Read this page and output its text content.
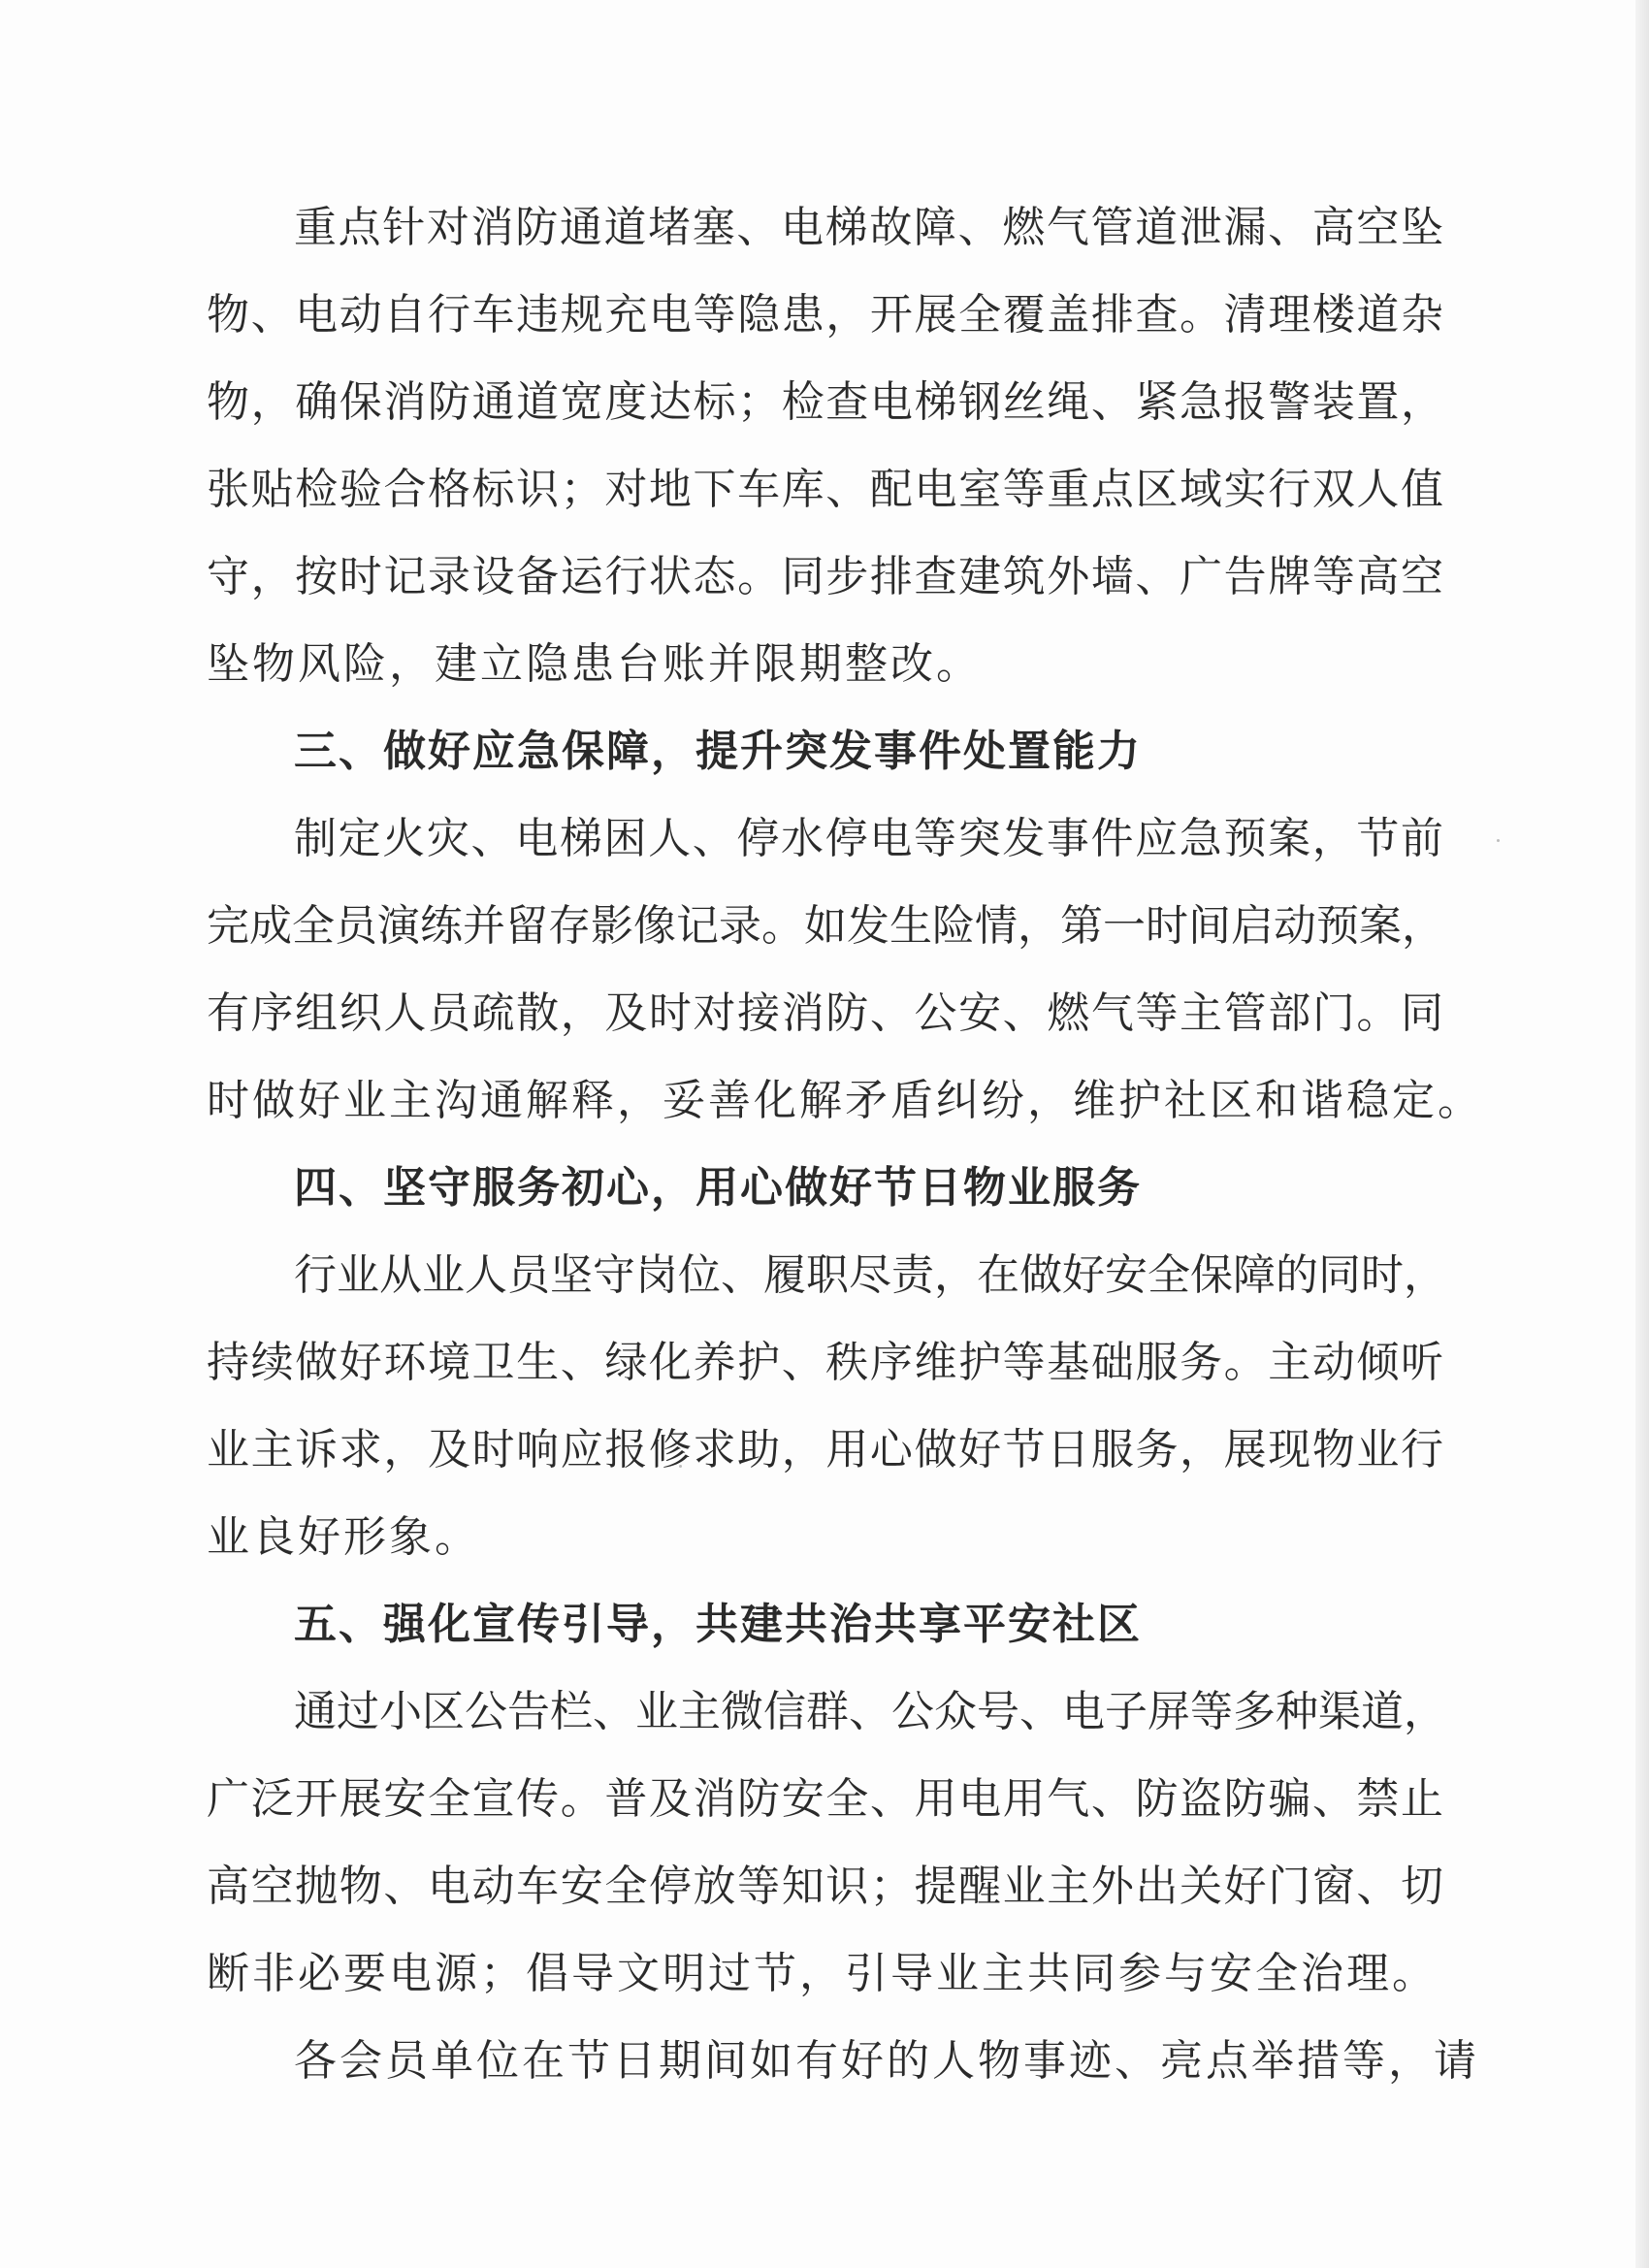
重点针对消防通道堵塞、电梯故障、燃气管道泄漏、高空坠
物、电动自行车违规充电等隐患，开展全覆盖排查。清理楼道杂
物，确保消防通道宽度达标；检查电梯钢丝绳、紧急报警装置，
张贴检验合格标识；对地下车库、配电室等重点区域实行双人值
守，按时记录设备运行状态。同步排查建筑外墙、广告牌等高空
坠物风险，建立隐患台账并限期整改。
三、做好应急保障，提升突发事件处置能力
制定火灾、电梯困人、停水停电等突发事件应急预案，节前
完成全员演练并留存影像记录。如发生险情，第一时间启动预案，
有序组织人员疏散，及时对接消防、公安、燃气等主管部门。同
时做好业主沟通解释，妥善化解矛盾纠纷，维护社区和谐稳定。
四、坚守服务初心，用心做好节日物业服务
行业从业人员坚守岗位、履职尽责，在做好安全保障的同时，
持续做好环境卫生、绿化养护、秩序维护等基础服务。主动倾听
业主诉求，及时响应报修求助，用心做好节日服务，展现物业行
业良好形象。
五、强化宣传引导，共建共治共享平安社区
通过小区公告栏、业主微信群、公众号、电子屏等多种渠道，
广泛开展安全宣传。普及消防安全、用电用气、防盗防骗、禁止
高空抛物、电动车安全停放等知识；提醒业主外出关好门窗、切
断非必要电源；倡导文明过节，引导业主共同参与安全治理。
各会员单位在节日期间如有好的人物事迹、亮点举措等，请
